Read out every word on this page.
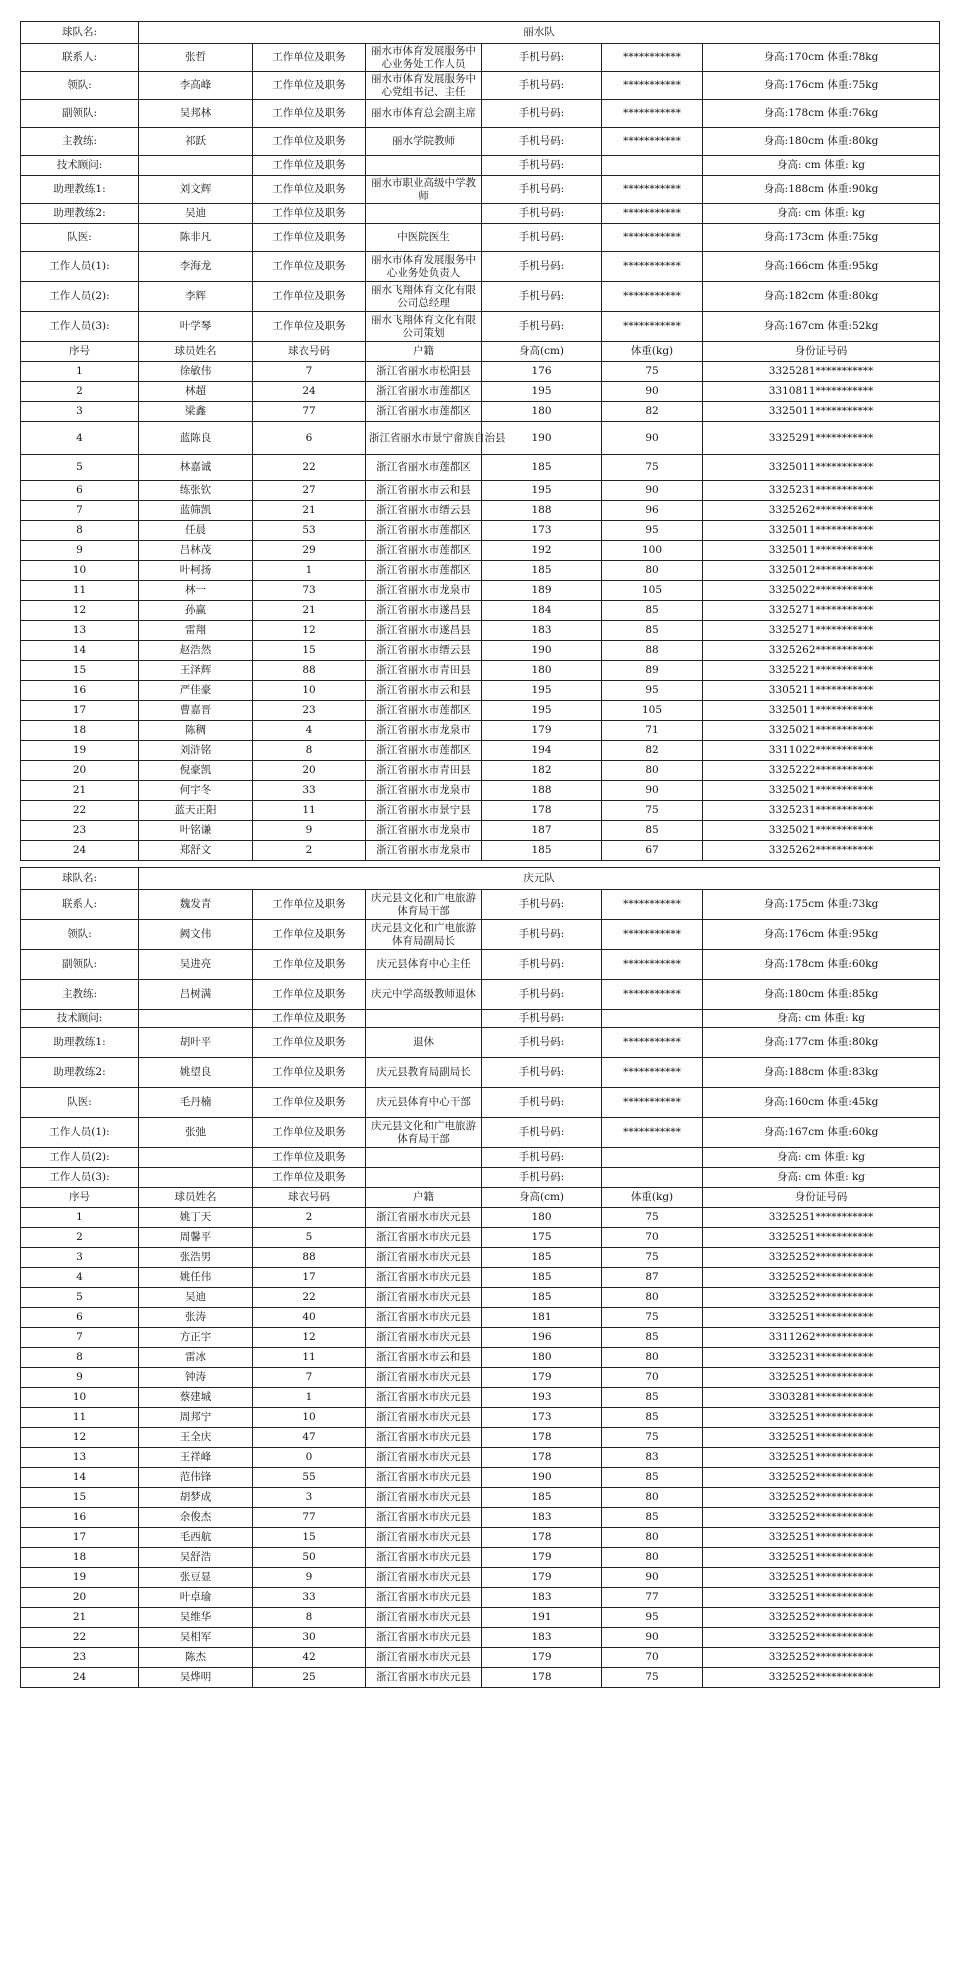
球队名:	丽水队					
联系人:	张哲	工作单位及职务	丽水市体育发展服务中心业务处工作人员	手机号码:	***********	身高:170cm 体重:78kg
领队:	李高峰	工作单位及职务	丽水市体育发展服务中心党组书记、主任	手机号码:	***********	身高:176cm 体重:75kg
副领队:	吴邦林	工作单位及职务	丽水市体育总会副主席	手机号码:	***********	身高:178cm 体重:76kg
主教练:	祁跃	工作单位及职务	丽水学院教师	手机号码:	***********	身高:180cm 体重:80kg
技术顾问:		工作单位及职务		手机号码:		身高: cm 体重: kg
助理教练1:	刘文辉	工作单位及职务	丽水市职业高级中学教 师	手机号码:	***********	身高:188cm 体重:90kg
助理教练2:	吴迪	工作单位及职务		手机号码:	***********	身高: cm 体重: kg
队医:	陈非凡	工作单位及职务	中医院医生	手机号码:	***********	身高:173cm 体重:75kg
工作人员(1):	李海龙	工作单位及职务	丽水市体育发展服务中心业务处负责人	手机号码:	***********	身高:166cm 体重:95kg
工作人员(2):	李辉	工作单位及职务	丽水飞翔体育文化有限公司总经理	手机号码:	***********	身高:182cm 体重:80kg
工作人员(3):	叶学琴	工作单位及职务	丽水飞翔体育文化有限公司策划	手机号码:	***********	身高:167cm 体重:52kg
序号	球员姓名	球衣号码	户籍	身高(cm)	体重(kg)	身份证号码
1	徐敏伟	7	浙江省丽水市松阳县	176	75	3325281***********
2	林超	24	浙江省丽水市莲都区	195	90	3310811***********
3	梁鑫	77	浙江省丽水市莲都区	180	82	3325011***********
4	蓝陈良	6	浙江省丽水市景宁畲族自治县	190	90	3325291***********
5	林嘉诚	22	浙江省丽水市莲都区	185	75	3325011***********
6	练张钦	27	浙江省丽水市云和县	195	90	3325231***********
7	蓝筛凯	21	浙江省丽水市缙云县	188	96	3325262***********
8	任晨	53	浙江省丽水市莲都区	173	95	3325011***********
9	吕林茂	29	浙江省丽水市莲都区	192	100	3325011***********
10	叶柯扬	1	浙江省丽水市莲都区	185	80	3325012***********
11	林一	73	浙江省丽水市龙泉市	189	105	3325022***********
12	孙赢	21	浙江省丽水市遂昌县	184	85	3325271***********
13	雷翔	12	浙江省丽水市遂昌县	183	85	3325271***********
14	赵浩然	15	浙江省丽水市缙云县	190	88	3325262***********
15	王泽辉	88	浙江省丽水市青田县	180	89	3325221***********
16	严佳豪	10	浙江省丽水市云和县	195	95	3305211***********
17	曹嘉晋	23	浙江省丽水市莲都区	195	105	3325011***********
18	陈稠	4	浙江省丽水市龙泉市	179	71	3325021***********
19	刘浒铭	8	浙江省丽水市莲都区	194	82	3311022***********
20	倪豪凯	20	浙江省丽水市青田县	182	80	3325222***********
21	何宇冬	33	浙江省丽水市龙泉市	188	90	3325021***********
22	蓝天正阳	11	浙江省丽水市景宁县	178	75	3325231***********
23	叶铭谦	9	浙江省丽水市龙泉市	187	85	3325021***********
24	郑舒文	2	浙江省丽水市龙泉市	185	67	3325262***********

球队名:	庆元队					
联系人:	魏发青	工作单位及职务	庆元县文化和广电旅游体育局干部	手机号码:	***********	身高:175cm 体重:73kg
领队:	阙文伟	工作单位及职务	庆元县文化和广电旅游 体育局副局长	手机号码:	***********	身高:176cm 体重:95kg
副领队:	吴进亮	工作单位及职务	庆元县体育中心主任	手机号码:	***********	身高:178cm 体重:60kg
主教练:	吕树满	工作单位及职务	庆元中学高级教师退休	手机号码:	***********	身高:180cm 体重:85kg
技术顾问:		工作单位及职务		手机号码:		身高: cm 体重: kg
助理教练1:	胡叶平	工作单位及职务	退休	手机号码:	***********	身高:177cm 体重:80kg
助理教练2:	姚望良	工作单位及职务	庆元县教育局副局长	手机号码:	***********	身高:188cm 体重:83kg
队医:	毛丹楠	工作单位及职务	庆元县体育中心干部	手机号码:	***********	身高:160cm 体重:45kg
工作人员(1):	张弛	工作单位及职务	庆元县文化和广电旅游体育局干部	手机号码:	***********	身高:167cm 体重:60kg
工作人员(2):		工作单位及职务		手机号码:		身高: cm 体重: kg
工作人员(3):		工作单位及职务		手机号码:		身高: cm 体重: kg
序号	球员姓名	球衣号码	户籍	身高(cm)	体重(kg)	身份证号码
1	姚丁天	2	浙江省丽水市庆元县	180	75	3325251***********
2	周馨平	5	浙江省丽水市庆元县	175	70	3325251***********
3	张浩男	88	浙江省丽水市庆元县	185	75	3325252***********
4	姚任伟	17	浙江省丽水市庆元县	185	87	3325252***********
5	吴迪	22	浙江省丽水市庆元县	185	80	3325252***********
6	张涛	40	浙江省丽水市庆元县	181	75	3325251***********
7	方正宇	12	浙江省丽水市庆元县	196	85	3311262***********
8	雷冰	11	浙江省丽水市云和县	180	80	3325231***********
9	钟涛	7	浙江省丽水市庆元县	179	70	3325251***********
10	蔡建城	1	浙江省丽水市庆元县	193	85	3303281***********
11	周邦宁	10	浙江省丽水市庆元县	173	85	3325251***********
12	王全庆	47	浙江省丽水市庆元县	178	75	3325251***********
13	王祥峰	0	浙江省丽水市庆元县	178	83	3325251***********
14	范伟锋	55	浙江省丽水市庆元县	190	85	3325252***********
15	胡梦成	3	浙江省丽水市庆元县	185	80	3325252***********
16	余俊杰	77	浙江省丽水市庆元县	183	85	3325252***********
17	毛西航	15	浙江省丽水市庆元县	178	80	3325251***********
18	吴舒浩	50	浙江省丽水市庆元县	179	80	3325251***********
19	张豆显	9	浙江省丽水市庆元县	179	90	3325251***********
20	叶卓瑜	33	浙江省丽水市庆元县	183	77	3325251***********
21	吴维华	8	浙江省丽水市庆元县	191	95	3325252***********
22	吴相军	30	浙江省丽水市庆元县	183	90	3325252***********
23	陈杰	42	浙江省丽水市庆元县	179	70	3325252***********
24	吴烨明	25	浙江省丽水市庆元县	178	75	3325252***********
